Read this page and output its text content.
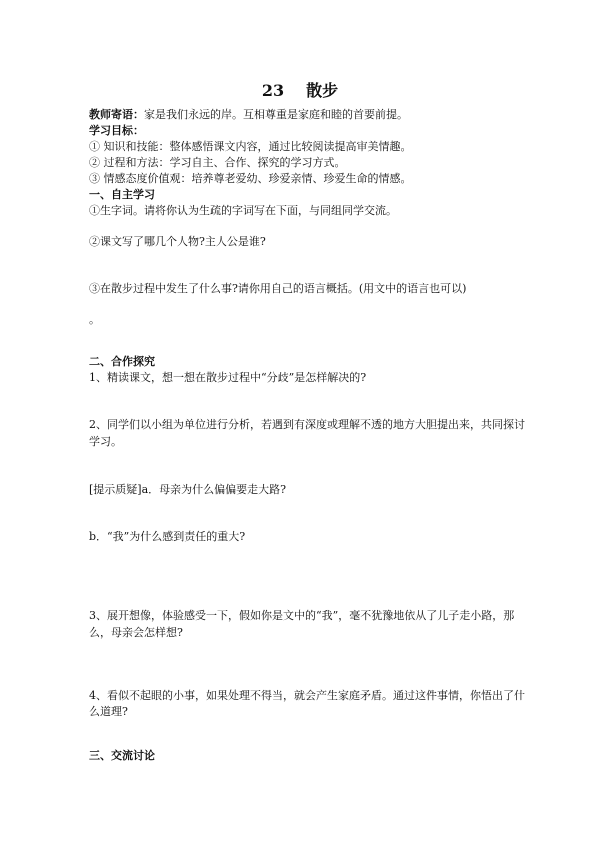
23 散步
教师寄语：家是我们永远的岸。互相尊重是家庭和睦的首要前提。
学习目标：
① 知识和技能：整体感悟课文内容，通过比较阅读提高审美情趣。
② 过程和方法：学习自主、合作、探究的学习方式。
③ 情感态度价值观：培养尊老爱幼、珍爱亲情、珍爱生命的情感。
一、自主学习
①生字词。请将你认为生疏的字词写在下面，与同组同学交流。
②课文写了哪几个人物?主人公是谁?
③在散步过程中发生了什么事?请你用自己的语言概括。(用文中的语言也可以)
。
二、合作探究
1、精读课文，想一想在散步过程中“分歧”是怎样解决的?
2、同学们以小组为单位进行分析，若遇到有深度或理解不透的地方大胆提出来，共同探讨
学习。
[提示质疑]a．母亲为什么偏偏要走大路?
b．“我”为什么感到责任的重大?
3、展开想像，体验感受一下，假如你是文中的“我”，毫不犹豫地依从了儿子走小路，那
么，母亲会怎样想?
4、看似不起眼的小事，如果处理不得当，就会产生家庭矛盾。通过这件事情，你悟出了什
么道理?
三、交流讨论
